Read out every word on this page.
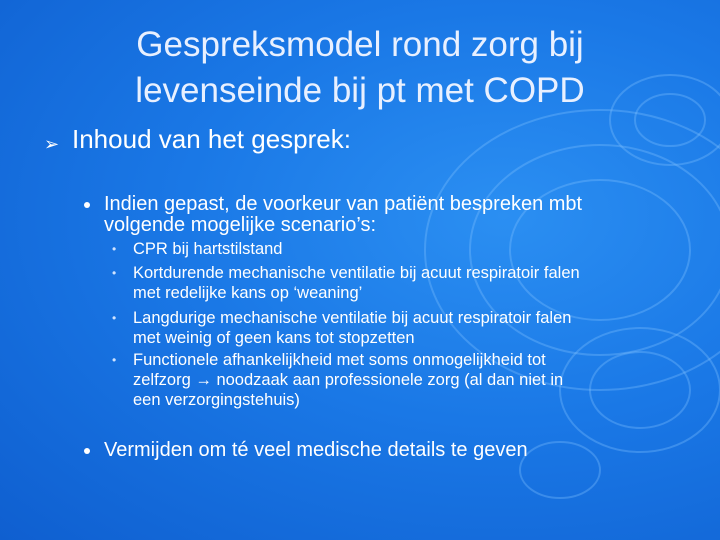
Gespreksmodel rond zorg bij
levenseinde bij pt met COPD
➢ Inhoud van het gesprek:
Indien gepast, de voorkeur van patiënt bespreken mbt
volgende mogelijke scenario’s:
• CPR bij hartstilstand
• Kortdurende mechanische ventilatie bij acuut respiratoir falen
met redelijke kans op ‘weaning’
• Langdurige mechanische ventilatie bij acuut respiratoir falen
met weinig of geen kans tot stopzetten
• Functionele afhankelijkheid met soms onmogelijkheid tot
zelfzorg → noodzaak aan professionele zorg (al dan niet in
een verzorgingstehuis)
Vermijden om té veel medische details te geven
